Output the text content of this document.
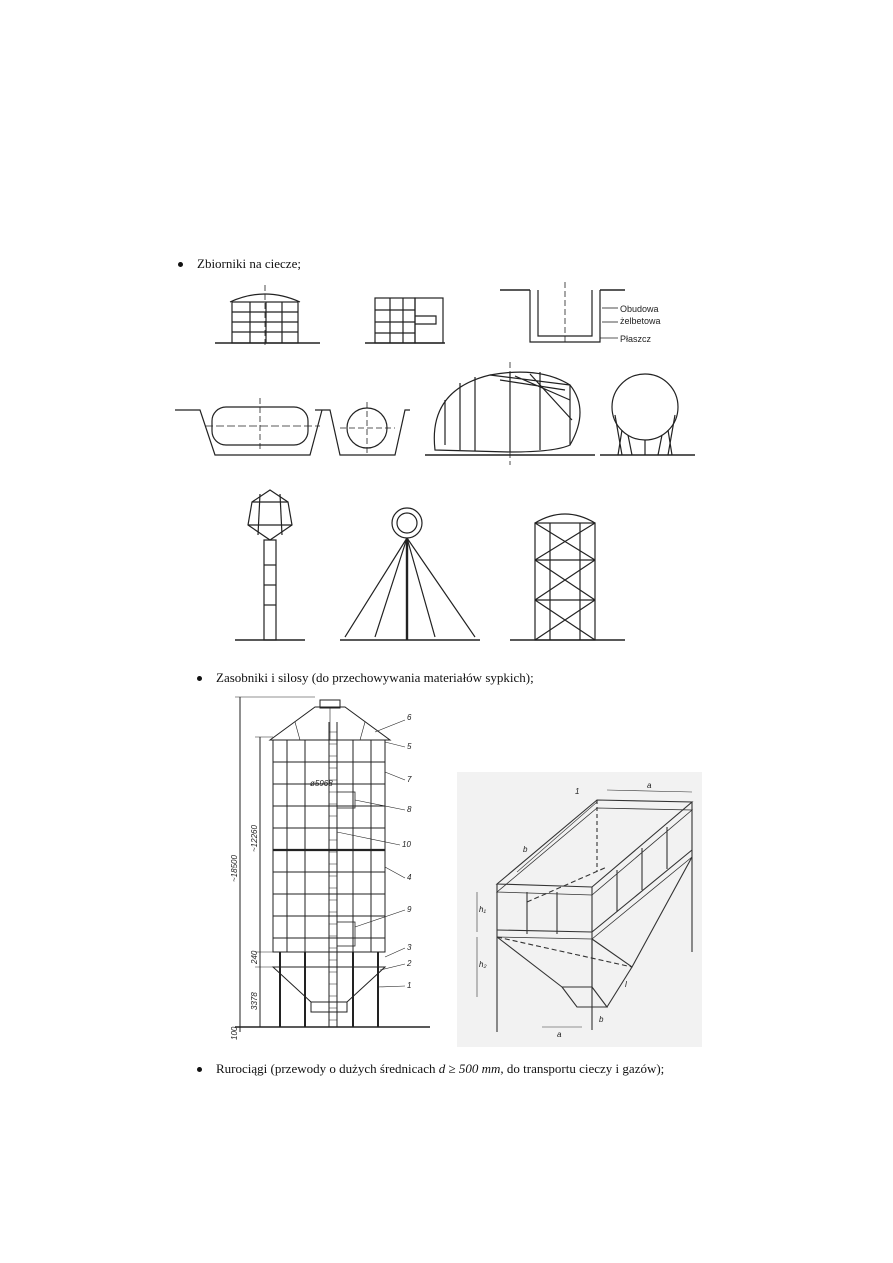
Zbiorniki na ciecze;
Obudowa
żelbetowa
Płaszcz
Zasobniki i silosy (do przechowywania materiałów sypkich);
~18500
~12260
240
3378
100
ø5968
6
5
7
8
10
4
9
3
2
1
1
a
b
h₁
h₂
a
b
l
Rurociągi (przewody o dużych średnicach d ≥ 500 mm, do transportu cieczy i gazów);
